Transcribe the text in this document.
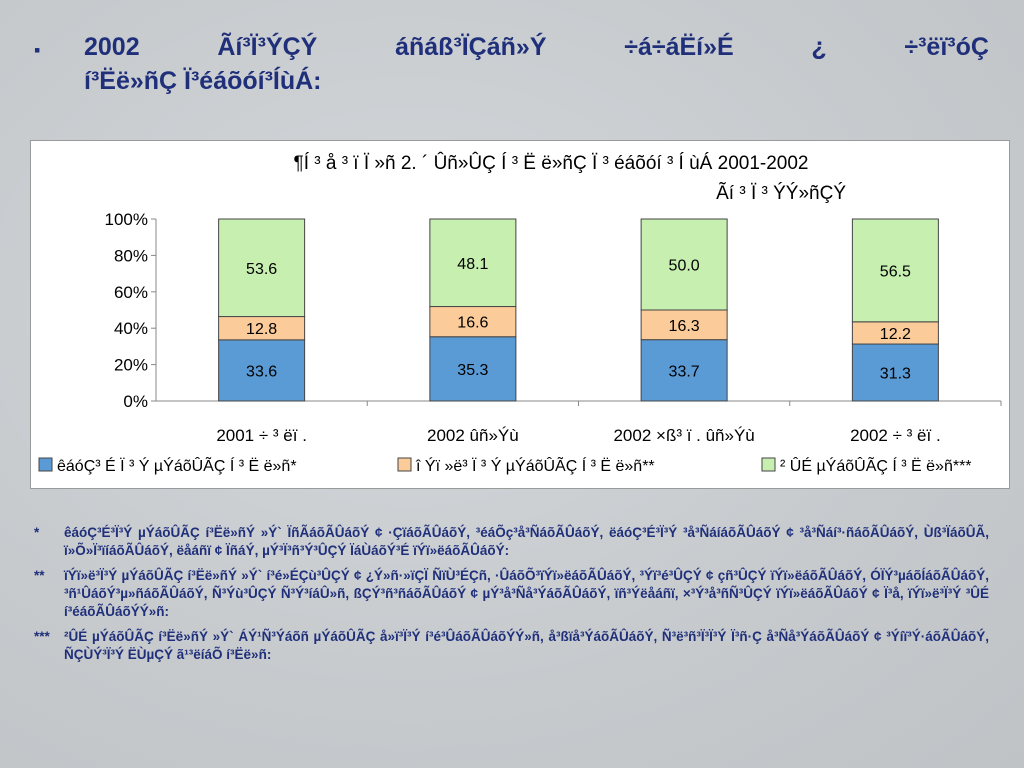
▪ 2002	Ãí³Ï³ÝÇÝ	áñáß³ÏÇáñ»Ý	÷á÷áËí»É	¿	÷³ëï³óÇ
í³Ëë»ñÇ Ï³éáõóí³ÍùÁ:
¶Í ³ å ³ ï Ï »ñ 2. ´ Ûñ»ÛÇ Í ³ Ë ë»ñÇ Ï ³ éáõóí ³ Í ùÁ 2001-2002
Ãí ³ Ï ³ ÝÝ»ñÇÝ
0%
20%
40%
60%
80%
100%
33.6
12.8
53.6
2001 ÷ ³ ëï .
35.3
16.6
48.1
2002 ûñ»Ýù
33.7
16.3
50.0
2002 ×ß³ ï . ûñ»Ýù
31.3
12.2
56.5
2002 ÷ ³ ëï .
êáóÇ³ É Ï ³ Ý µÝáõÛÃÇ Í ³ Ë ë»ñ*	î Ýï »ë³ Ï ³ Ý µÝáõÛÃÇ Í ³ Ë ë»ñ**	² ÛÉ µÝáõÛÃÇ Í ³ Ë ë»ñ***
*	êáóÇ³É³Ï³Ý µÝáõÛÃÇ í³Ëë»ñÝ »Ý` ÏñÃáõÃÛáõÝ ¢ ·ÇïáõÃÛáõÝ, ³éáÕç³å³ÑáõÃÛáõÝ, ëáóÇ³É³Ï³Ý ³å³ÑáíáõÃÛáõÝ ¢ ³å³Ñáí³·ñáõÃÛáõÝ, Ùß³ÏáõÛÃ, ï»Õ»Ï³ïíáõÃÛáõÝ, ëåáñï ¢ ÏñáÝ, µÝ³Ï³ñ³Ý³ÛÇÝ ÏáÙáõÝ³É ïÝï»ëáõÃÛáõÝ:
**	ïÝï»ë³Ï³Ý µÝáõÛÃÇ í³Ëë»ñÝ »Ý` í³é»ÉÇù³ÛÇÝ ¢ ¿Ý»ñ·»ïÇÏ ÑïÙ³ÉÇñ, ·ÛáõÕ³ïÝï»ëáõÃÛáõÝ, ³Ýï³é³ÛÇÝ ¢ çñ³ÛÇÝ ïÝï»ëáõÃÛáõÝ, ÓÏÝ³µáõÍáõÃÛáõÝ, ³ñ¹ÛáõÝ³µ»ñáõÃÛáõÝ, Ñ³Ýù³ÛÇÝ Ñ³Ý³íáÛ»ñ, ßÇÝ³ñ³ñáõÃÛáõÝ ¢ µÝ³å³Ñå³ÝáõÃÛáõÝ, ïñ³Ýëåáñï, ×³Ý³å³ñÑ³ÛÇÝ ïÝï»ëáõÃÛáõÝ ¢ Ï³å, ïÝï»ë³Ï³Ý ³ÛÉ í³éáõÃÛáõÝÝ»ñ:
***	²ÛÉ µÝáõÛÃÇ í³Ëë»ñÝ »Ý` ÁÝ¹Ñ³Ýáõñ µÝáõÛÃÇ å»ï³Ï³Ý í³é³ÛáõÃÛáõÝÝ»ñ, å³ßïå³ÝáõÃÛáõÝ, Ñ³ë³ñ³Ï³Ï³Ý Ï³ñ·Ç å³Ñå³ÝáõÃÛáõÝ ¢ ³Ýíï³Ý·áõÃÛáõÝ, ÑÇÙÝ³Ï³Ý ËÙµÇÝ ã¹³ëíáÕ í³Ëë»ñ:
